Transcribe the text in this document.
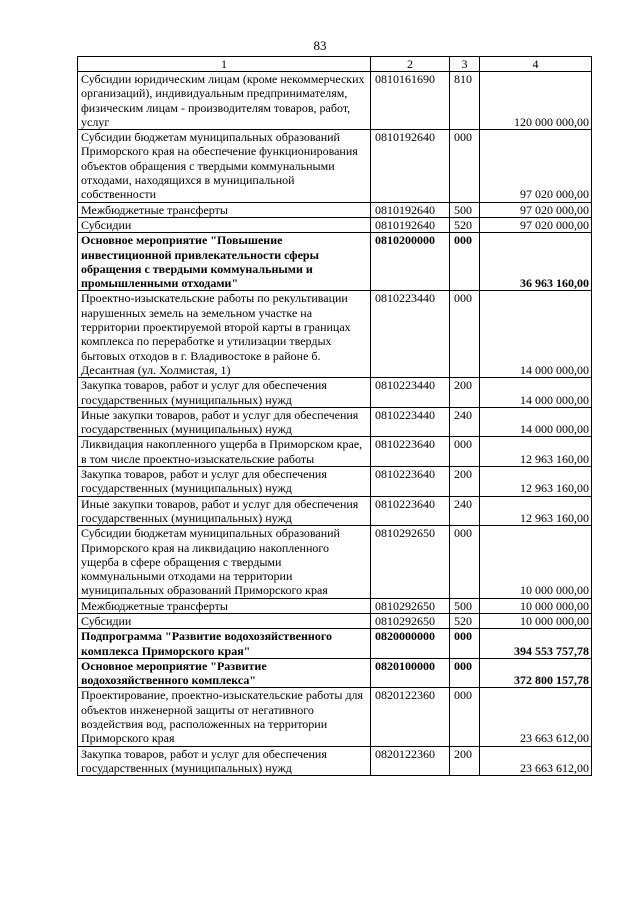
83
1	2	3	4
Субсидии юридическим лицам (кроме некоммерческих организаций), индивидуальным предпринимателям, физическим лицам - производителям товаров, работ, услуг	0810161690	810	120 000 000,00
Субсидии бюджетам муниципальных образований Приморского края на обеспечение функционирования объектов обращения с твердыми коммунальными отходами, находящихся в муниципальной собственности	0810192640	000	97 020 000,00
Межбюджетные трансферты	0810192640	500	97 020 000,00
Субсидии	0810192640	520	97 020 000,00
Основное мероприятие "Повышение инвестиционной привлекательности сферы обращения с твердыми коммунальными и промышленными отходами"	0810200000	000	36 963 160,00
Проектно-изыскательские работы по рекультивации нарушенных земель на земельном участке на территории проектируемой второй карты в границах комплекса по переработке и утилизации твердых бытовых отходов в г. Владивостоке в районе б. Десантная (ул. Холмистая, 1)	0810223440	000	14 000 000,00
Закупка товаров, работ и услуг для обеспечения государственных (муниципальных) нужд	0810223440	200	14 000 000,00
Иные закупки товаров, работ и услуг для обеспечения государственных (муниципальных) нужд	0810223440	240	14 000 000,00
Ликвидация накопленного ущерба в Приморском крае, в том числе проектно-изыскательские работы	0810223640	000	12 963 160,00
Закупка товаров, работ и услуг для обеспечения государственных (муниципальных) нужд	0810223640	200	12 963 160,00
Иные закупки товаров, работ и услуг для обеспечения государственных (муниципальных) нужд	0810223640	240	12 963 160,00
Субсидии бюджетам муниципальных образований Приморского края на ликвидацию накопленного ущерба в сфере обращения с твердыми коммунальными отходами на территории муниципальных образований Приморского края	0810292650	000	10 000 000,00
Межбюджетные трансферты	0810292650	500	10 000 000,00
Субсидии	0810292650	520	10 000 000,00
Подпрограмма "Развитие водохозяйственного комплекса Приморского края"	0820000000	000	394 553 757,78
Основное мероприятие "Развитие водохозяйственного комплекса"	0820100000	000	372 800 157,78
Проектирование, проектно-изыскательские работы для объектов инженерной защиты от негативного воздействия вод, расположенных на территории Приморского края	0820122360	000	23 663 612,00
Закупка товаров, работ и услуг для обеспечения государственных (муниципальных) нужд	0820122360	200	23 663 612,00
